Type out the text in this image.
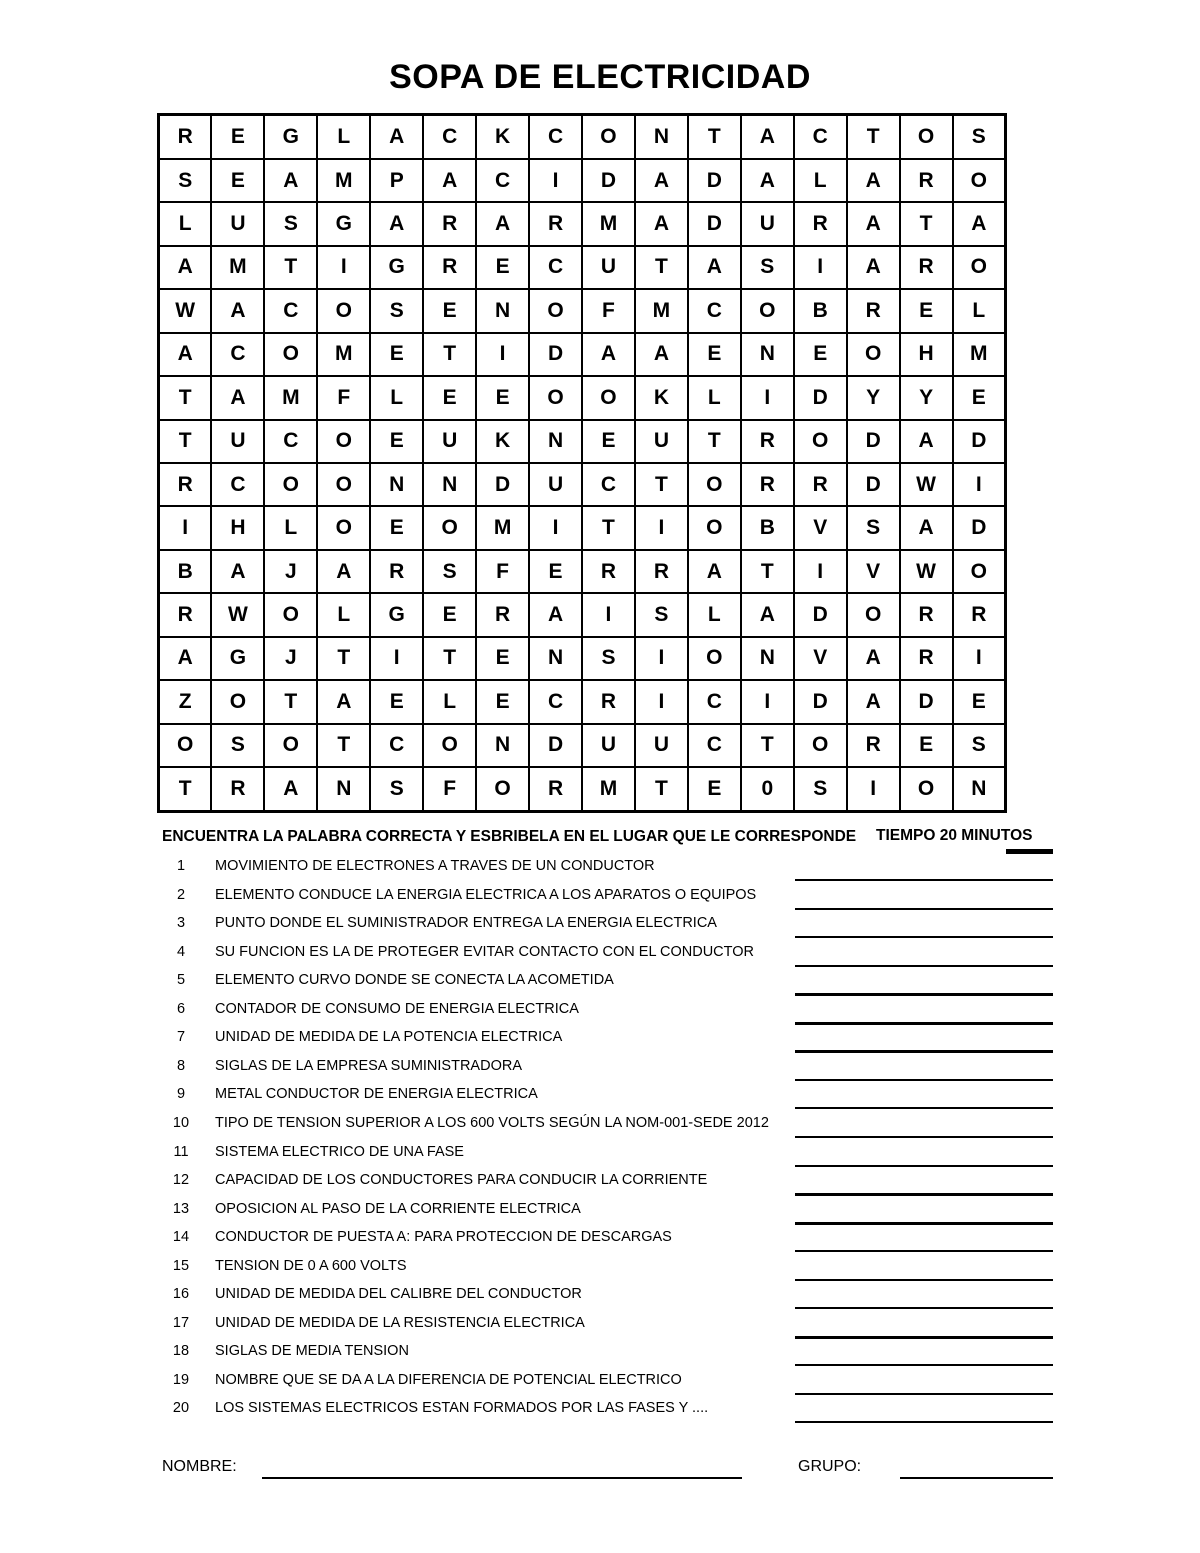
SOPA DE ELECTRICIDAD
R	E	G	L	A	C	K	C	O	N	T	A	C	T	O	S
S	E	A	M	P	A	C	I	D	A	D	A	L	A	R	O
L	U	S	G	A	R	A	R	M	A	D	U	R	A	T	A
A	M	T	I	G	R	E	C	U	T	A	S	I	A	R	O
W	A	C	O	S	E	N	O	F	M	C	O	B	R	E	L
A	C	O	M	E	T	I	D	A	A	E	N	E	O	H	M
T	A	M	F	L	E	E	O	O	K	L	I	D	Y	Y	E
T	U	C	O	E	U	K	N	E	U	T	R	O	D	A	D
R	C	O	O	N	N	D	U	C	T	O	R	R	D	W	I
I	H	L	O	E	O	M	I	T	I	O	B	V	S	A	D
B	A	J	A	R	S	F	E	R	R	A	T	I	V	W	O
R	W	O	L	G	E	R	A	I	S	L	A	D	O	R	R
A	G	J	T	I	T	E	N	S	I	O	N	V	A	R	I
Z	O	T	A	E	L	E	C	R	I	C	I	D	A	D	E
O	S	O	T	C	O	N	D	U	U	C	T	O	R	E	S
T	R	A	N	S	F	O	R	M	T	E	0	S	I	O	N
ENCUENTRA LA PALABRA CORRECTA Y ESBRIBELA EN EL LUGAR QUE LE CORRESPONDE TIEMPO 20 MINUTOS
1	MOVIMIENTO DE ELECTRONES A TRAVES DE UN CONDUCTOR
2	ELEMENTO CONDUCE LA ENERGIA ELECTRICA A LOS APARATOS O EQUIPOS
3	PUNTO DONDE EL SUMINISTRADOR ENTREGA LA ENERGIA ELECTRICA
4	SU FUNCION ES LA DE PROTEGER EVITAR CONTACTO CON EL CONDUCTOR
5	ELEMENTO CURVO DONDE SE CONECTA LA ACOMETIDA
6	CONTADOR DE CONSUMO DE ENERGIA ELECTRICA
7	UNIDAD DE MEDIDA DE LA POTENCIA ELECTRICA
8	SIGLAS DE LA EMPRESA SUMINISTRADORA
9	METAL CONDUCTOR DE ENERGIA ELECTRICA
10	TIPO DE TENSION SUPERIOR A LOS 600 VOLTS SEGÚN LA NOM-001-SEDE 2012
11	SISTEMA ELECTRICO DE UNA FASE
12	CAPACIDAD DE LOS CONDUCTORES PARA CONDUCIR LA CORRIENTE
13	OPOSICION AL PASO DE LA CORRIENTE ELECTRICA
14	CONDUCTOR DE PUESTA A: PARA PROTECCION DE DESCARGAS
15	TENSION DE 0 A 600 VOLTS
16	UNIDAD DE MEDIDA DEL CALIBRE DEL CONDUCTOR
17	UNIDAD DE MEDIDA DE LA RESISTENCIA ELECTRICA
18	SIGLAS DE MEDIA TENSION
19	NOMBRE QUE SE DA A LA DIFERENCIA DE POTENCIAL ELECTRICO
20	LOS SISTEMAS ELECTRICOS ESTAN FORMADOS POR LAS FASES Y ....
NOMBRE:	GRUPO:
